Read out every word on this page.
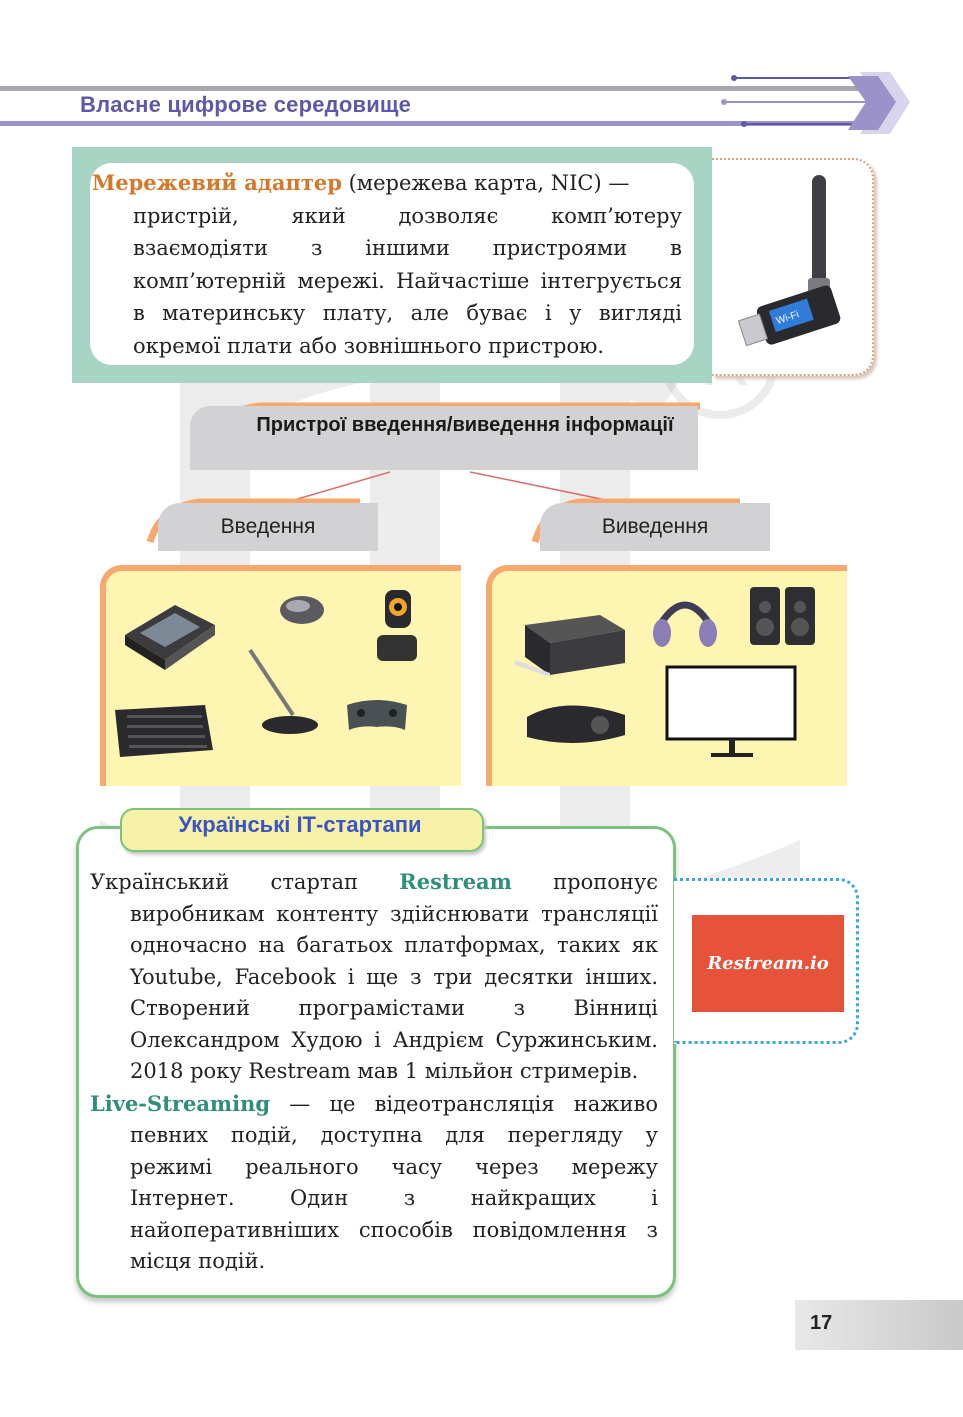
Власне цифрове середовище
Мережевий адаптер (мережева карта, NIC) —
пристрій, який дозволяє комп’ютеру взаємодіяти з іншими пристроями в комп’ютерній мережі. Найчастіше інтегрується в материнську плату, але буває і у вигляді окремої плати або зовнішнього пристрою.
Wi-Fi
Пристрої введення/виведення інформації
Введення	Виведення
Українські ІТ-стартапи

Український стартап Restream пропонує виробникам контенту здійснювати трансляції одночасно на багатьох платформах, таких як Youtube, Facebook і ще з три десятки інших. Створений програмістами з Вінниці Олександром Худою і Андрієм Суржинським. 2018 року Restream мав 1 мільйон стримерів.

Live-Streaming — це відеотрансляція наживо певних подій, доступна для перегляду у режимі реального часу через мережу Інтернет. Один з найкращих і найоперативніших способів повідомлення з місця подій.

Restream.io
17
